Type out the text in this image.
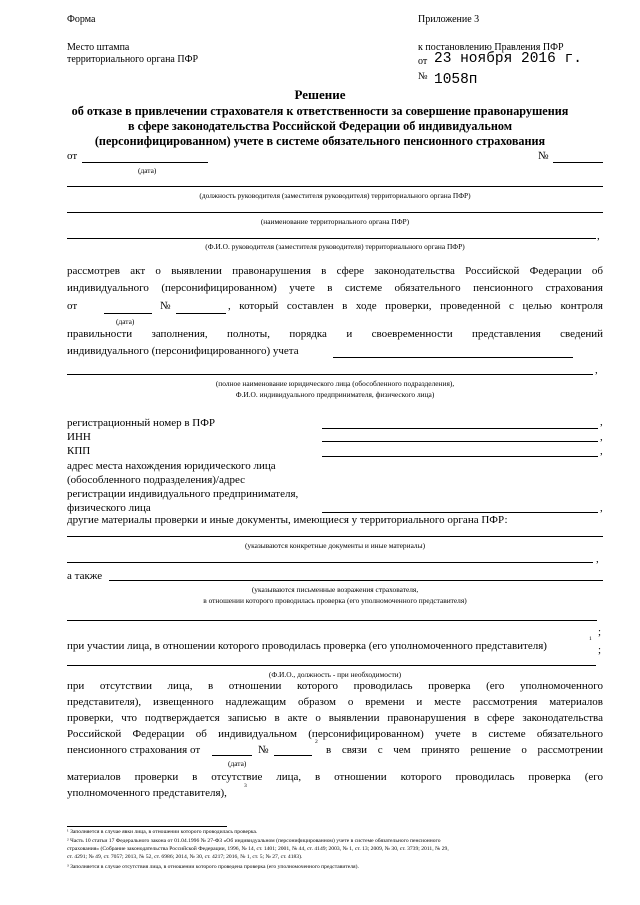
Форма
Место штампа
территориального органа ПФР
Приложение 3
к постановлению Правления ПФР
от 23 ноября 2016 г.
№ 1058п
Решение
об отказе в привлечении страхователя к ответственности за совершение правонарушения
в сфере законодательства Российской Федерации об индивидуальном
(персонифицированном) учете в системе обязательного пенсионного страхования
от	№
(дата)
(должность руководителя (заместителя руководителя) территориального органа ПФР)
(наименование территориального органа ПФР)
,
(Ф.И.О. руководителя (заместителя руководителя) территориального органа ПФР)
рассмотрев акт о выявлении правонарушения в сфере законодательства Российской Федерации об
индивидуального (персонифицированном) учете в системе обязательного пенсионного страхования
от	№	, который составлен в ходе проверки, проведенной с целью контроля
(дата)
правильности заполнения, полноты, порядка и своевременности представления сведений
индивидуального (персонифицированного) учета
,
(полное наименование юридического лица (обособленного подразделения),
Ф.И.О. индивидуального предпринимателя, физического лица)
регистрационный номер в ПФР	,
ИНН	,
КПП	,
адрес места нахождения юридического лица
(обособленного подразделения)/адрес
регистрации индивидуального предпринимателя,
физического лица	,
другие материалы проверки и иные документы, имеющиеся у территориального органа ПФР:
(указываются конкретные документы и иные материалы)
,
а также
(указываются письменные возражения страхователя,
в отношении которого проводилась проверка (его уполномоченного представителя)
;
при участии лица, в отношении которого проводилась проверка (его уполномоченного представителя)
1
;
(Ф.И.О., должность - при необходимости)
при отсутствии лица, в отношении которого проводилась проверка (его уполномоченного
представителя), извещенного надлежащим образом о времени и месте рассмотрения материалов
проверки, что подтверждается записью в акте о выявлении правонарушения в сфере законодательства
Российской Федерации об индивидуальном (персонифицированном) учете в системе обязательного
пенсионного страхования от	№
2
в связи с чем принято решение о рассмотрении
(дата)
материалов проверки в отсутствие лица, в отношении которого проводилась проверка (его
уполномоченного представителя),
3
¹ Заполняется в случае явки лица, в отношении которого проводилась проверка.
² Часть 10 статьи 17 Федерального закона от 01.04.1996 № 27-ФЗ «Об индивидуальном (персонифицированном) учете в системе обязательного пенсионного
страхования» (Собрание законодательства Российской Федерации, 1996, № 14, ст. 1401; 2001, № 44, ст. 4149; 2003, № 1, ст. 13; 2009, № 30, ст. 3739; 2011, № 29,
ст. 4291; № 49, ст. 7057; 2013, № 52, ст. 6986; 2014, № 30, ст. 4217; 2016, № 1, ст. 5; № 27, ст. 4183).
³ Заполняется в случае отсутствия лица, в отношении которого проведена проверка (его уполномоченного представителя).
